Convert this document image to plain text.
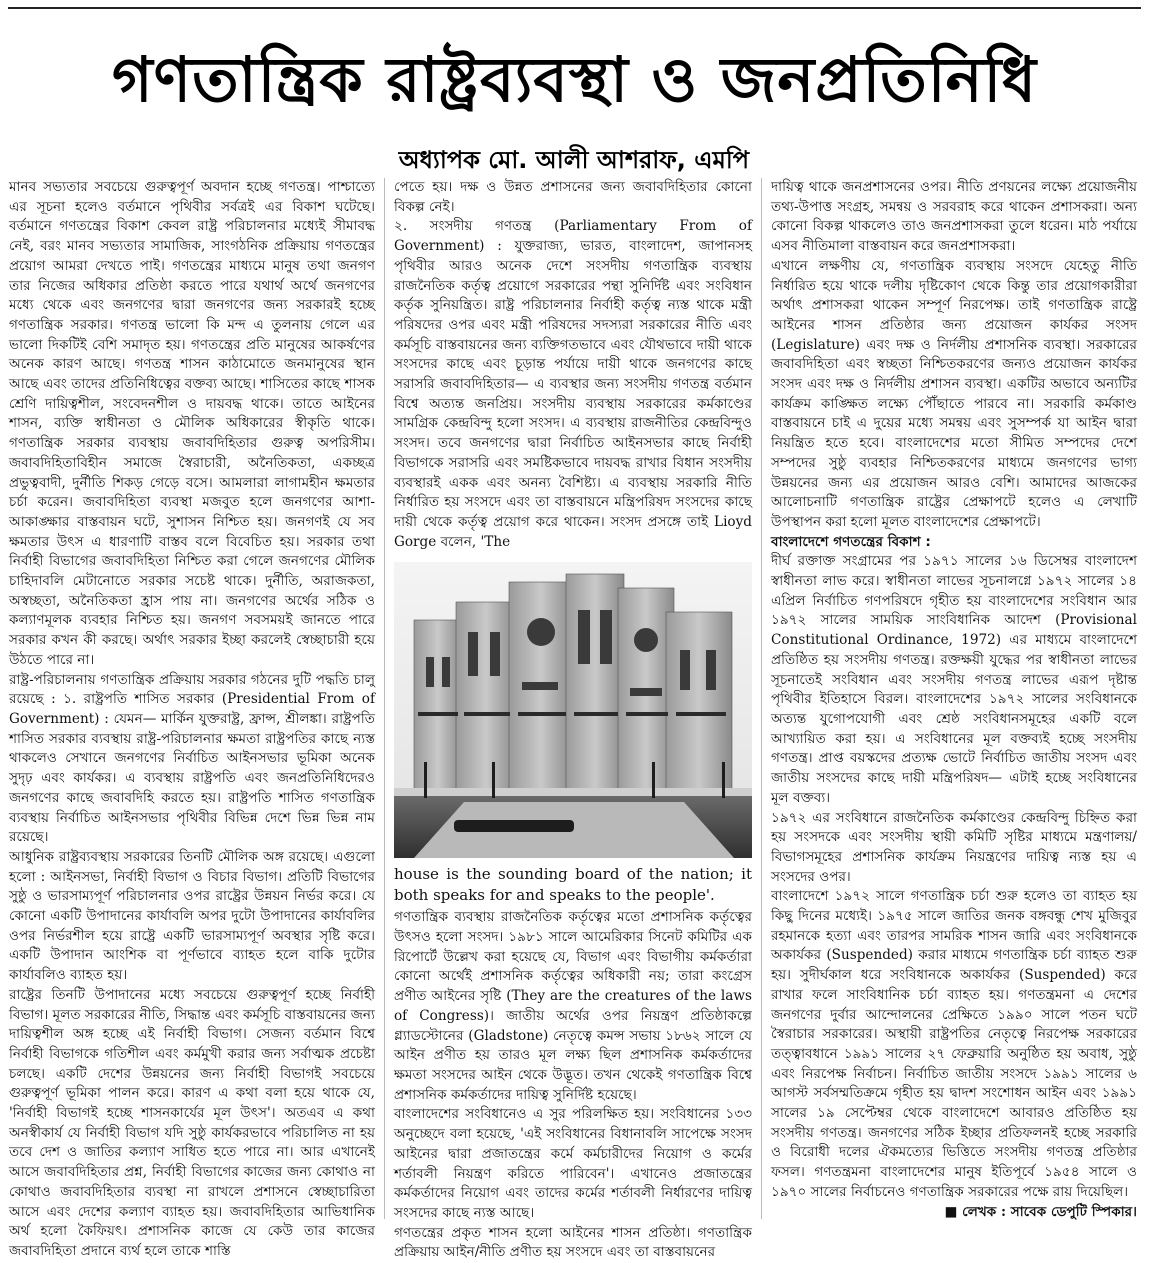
গণতান্ত্রিক রাষ্ট্রব্যবস্থা ও জনপ্রতিনিধি
অধ্যাপক মো. আলী আশরাফ, এমপি

মানব সভ্যতার সবচেয়ে গুরুত্বপূর্ণ অবদান হচ্ছে গণতন্ত্র। পাশ্চাত্যে এর সূচনা হলেও বর্তমানে পৃথিবীর সর্বত্রই এর বিকাশ ঘটেছে। বর্তমানে গণতন্ত্রের বিকাশ কেবল রাষ্ট্র পরিচালনার মধ্যেই সীমাবদ্ধ নেই, বরং মানব সভ্যতার সামাজিক, সাংগঠনিক প্রক্রিয়ায় গণতন্ত্রের প্রয়োগ আমরা দেখতে পাই। গণতন্ত্রের মাধ্যমে মানুষ তথা জনগণ তার নিজের অধিকার প্রতিষ্ঠা করতে পারে যথার্থ অর্থে জনগণের মধ্যে থেকে এবং জনগণের দ্বারা জনগণের জন্য সরকারই হচ্ছে গণতান্ত্রিক সরকার। গণতন্ত্র ভালো কি মন্দ এ তুলনায় গেলে এর ভালো দিকটিই বেশি সমাদৃত হয়। গণতন্ত্রের প্রতি মানুষের আকর্ষণের অনেক কারণ আছে। গণতন্ত্র শাসন কাঠামোতে জনমানুষের স্থান আছে এবং তাদের প্রতিনিধিত্বের বক্তব্য আছে। শাসিতের কাছে শাসক শ্রেণি দায়িত্বশীল, সংবেদনশীল ও দায়বদ্ধ থাকে। তাতে আইনের শাসন, ব্যক্তি স্বাধীনতা ও মৌলিক অধিকারের স্বীকৃতি থাকে। গণতান্ত্রিক সরকার ব্যবস্থায় জবাবদিহিতার গুরুত্ব অপরিসীম। জবাবদিহিতাবিহীন সমাজে স্বৈরাচারী, অনৈতিকতা, একচ্ছত্র প্রভুত্ববাদী, দুর্নীতি শিকড় গেড়ে বসে। আমলারা লাগামহীন ক্ষমতার চর্চা করেন। জবাবদিহিতা ব্যবস্থা মজবুত হলে জনগণের আশা-আকাঙ্ক্ষার বাস্তবায়ন ঘটে, সুশাসন নিশ্চিত হয়। জনগণই যে সব ক্ষমতার উৎস এ ধারণাটি বাস্তব বলে বিবেচিত হয়। সরকার তথা নির্বাহী বিভাগের জবাবদিহিতা নিশ্চিত করা গেলে জনগণের মৌলিক চাহিদাবলি মেটানোতে সরকার সচেষ্ট থাকে। দুর্নীতি, অরাজকতা, অস্বচ্ছতা, অনৈতিকতা হ্রাস পায় না। জনগণের অর্থের সঠিক ও কল্যাণমূলক ব্যবহার নিশ্চিত হয়। জনগণ সবসময়ই জানতে পারে সরকার কখন কী করছে। অর্থাৎ সরকার ইচ্ছা করলেই স্বেচ্ছাচারী হয়ে উঠতে পারে না।

রাষ্ট্র-পরিচালনায় গণতান্ত্রিক প্রক্রিয়ায় সরকার গঠনের দুটি পদ্ধতি চালু রয়েছে : ১. রাষ্ট্রপতি শাসিত সরকার (Presidential From of Government) : যেমন— মার্কিন যুক্তরাষ্ট্র, ফ্রান্স, শ্রীলঙ্কা। রাষ্ট্রপতি শাসিত সরকার ব্যবস্থায় রাষ্ট্র-পরিচালনার ক্ষমতা রাষ্ট্রপতির কাছে ন্যস্ত থাকলেও সেখানে জনগণের নির্বাচিত আইনসভার ভূমিকা অনেক সুদৃঢ় এবং কার্যকর। এ ব্যবস্থায় রাষ্ট্রপতি এবং জনপ্রতিনিধিদেরও জনগণের কাছে জবাবদিহি করতে হয়। রাষ্ট্রপতি শাসিত গণতান্ত্রিক ব্যবস্থায় নির্বাচিত আইনসভার পৃথিবীর বিভিন্ন দেশে ভিন্ন ভিন্ন নাম রয়েছে।

আধুনিক রাষ্ট্রব্যবস্থায় সরকারের তিনটি মৌলিক অঙ্গ রয়েছে। এগুলো হলো : আইনসভা, নির্বাহী বিভাগ ও বিচার বিভাগ। প্রতিটি বিভাগের সুষ্ঠু ও ভারসাম্যপূর্ণ পরিচালনার ওপর রাষ্ট্রের উন্নয়ন নির্ভর করে। যে কোনো একটি উপাদানের কার্যাবলি অপর দুটো উপাদানের কার্যাবলির ওপর নির্ভরশীল হয়ে রাষ্ট্রে একটি ভারসাম্যপূর্ণ অবস্থার সৃষ্টি করে। একটি উপাদান আংশিক বা পূর্ণভাবে ব্যাহত হলে বাকি দুটোর কার্যাবলিও ব্যাহত হয়।

রাষ্ট্রের তিনটি উপাদানের মধ্যে সবচেয়ে গুরুত্বপূর্ণ হচ্ছে নির্বাহী বিভাগ। মূলত সরকারের নীতি, সিদ্ধান্ত এবং কর্মসূচি বাস্তবায়নের জন্য দায়িত্বশীল অঙ্গ হচ্ছে এই নির্বাহী বিভাগ। সেজন্য বর্তমান বিশ্বে নির্বাহী বিভাগকে গতিশীল এবং কর্মমুখী করার জন্য সর্বাত্মক প্রচেষ্টা চলছে। একটি দেশের উন্নয়নের জন্য নির্বাহী বিভাগই সবচেয়ে গুরুত্বপূর্ণ ভূমিকা পালন করে। কারণ এ কথা বলা হয়ে থাকে যে, 'নির্বাহী বিভাগই হচ্ছে শাসনকার্যের মূল উৎস'। অতএব এ কথা অনস্বীকার্য যে নির্বাহী বিভাগ যদি সুষ্ঠু কার্যকরভাবে পরিচালিত না হয় তবে দেশ ও জাতির কল্যাণ সাধিত হতে পারে না। আর এখানেই আসে জবাবদিহিতার প্রশ্ন, নির্বাহী বিভাগের কাজের জন্য কোথাও না কোথাও জবাবদিহিতার ব্যবস্থা না রাখলে প্রশাসনে স্বেচ্ছাচারিতা আসে এবং দেশের কল্যাণ ব্যাহত হয়। জবাবদিহিতার আভিধানিক অর্থ হলো কৈফিয়ৎ। প্রশাসনিক কাজে যে কেউ তার কাজের জবাবদিহিতা প্রদানে ব্যর্থ হলে তাকে শাস্তি

পেতে হয়। দক্ষ ও উন্নত প্রশাসনের জন্য জবাবদিহিতার কোনো বিকল্প নেই।

২. সংসদীয় গণতন্ত্র (Parliamentary From of Government) : যুক্তরাজ্য, ভারত, বাংলাদেশ, জাপানসহ পৃথিবীর আরও অনেক দেশে সংসদীয় গণতান্ত্রিক ব্যবস্থায় রাজনৈতিক কর্তৃত্ব প্রয়োগে সরকারের পন্থা সুনির্দিষ্ট এবং সংবিধান কর্তৃক সুনিয়ন্ত্রিত। রাষ্ট্র পরিচালনার নির্বাহী কর্তৃত্ব ন্যস্ত থাকে মন্ত্রী পরিষদের ওপর এবং মন্ত্রী পরিষদের সদস্যরা সরকারের নীতি এবং কর্মসূচি বাস্তবায়নের জন্য ব্যক্তিগতভাবে এবং যৌথভাবে দায়ী থাকে সংসদের কাছে এবং চূড়ান্ত পর্যায়ে দায়ী থাকে জনগণের কাছে সরাসরি জবাবদিহিতার— এ ব্যবস্থার জন্য সংসদীয় গণতন্ত্র বর্তমান বিশ্বে অত্যন্ত জনপ্রিয়। সংসদীয় ব্যবস্থায় সরকারের কর্মকাণ্ডের সামগ্রিক কেন্দ্রবিন্দু হলো সংসদ। এ ব্যবস্থায় রাজনীতির কেন্দ্রবিন্দুও সংসদ। তবে জনগণের দ্বারা নির্বাচিত আইনসভার কাছে নির্বাহী বিভাগকে সরাসরি এবং সমষ্টিকভাবে দায়বদ্ধ রাখার বিধান সংসদীয় ব্যবস্থারই একক এবং অনন্য বৈশিষ্ট্য। এ ব্যবস্থায় সরকারি নীতি নির্ধারিত হয় সংসদে এবং তা বাস্তবায়নে মন্ত্রিপরিষদ সংসদের কাছে দায়ী থেকে কর্তৃত্ব প্রয়োগ করে থাকেন। সংসদ প্রসঙ্গে তাই Lioyd Gorge বলেন, 'The

house is the sounding board of the nation; it both speaks for and speaks to the people'.

গণতান্ত্রিক ব্যবস্থায় রাজনৈতিক কর্তৃত্বের মতো প্রশাসনিক কর্তৃত্বের উৎসও হলো সংসদ। ১৯৮১ সালে আমেরিকার সিনেট কমিটির এক রিপোর্টে উল্লেখ করা হয়েছে যে, বিভাগ এবং বিভাগীয় কর্মকর্তারা কোনো অর্থেই প্রশাসনিক কর্তৃত্বের অধিকারী নয়; তারা কংগ্রেস প্রণীত আইনের সৃষ্টি (They are the creatures of the laws of Congress)। জাতীয় অর্থের ওপর নিয়ন্ত্রণ প্রতিষ্ঠাকল্পে গ্ল্যাডস্টোনের (Gladstone) নেতৃত্বে কমন্স সভায় ১৮৬২ সালে যে আইন প্রণীত হয় তারও মূল লক্ষ্য ছিল প্রশাসনিক কর্মকর্তাদের ক্ষমতা সংসদের আইন থেকে উদ্ভূত। তখন থেকেই গণতান্ত্রিক বিশ্বে প্রশাসনিক কর্মকর্তাদের দায়িত্ব সুনির্দিষ্ট হয়েছে।

বাংলাদেশের সংবিধানেও এ সুর পরিলক্ষিত হয়। সংবিধানের ১৩৩ অনুচ্ছেদে বলা হয়েছে, 'এই সংবিধানের বিধানাবলি সাপেক্ষে সংসদ আইনের দ্বারা প্রজাতন্ত্রের কর্মে কর্মচারীদের নিয়োগ ও কর্মের শর্তাবলী নিয়ন্ত্রণ করিতে পারিবেন'। এখানেও প্রজাতন্ত্রের কর্মকর্তাদের নিয়োগ এবং তাদের কর্মের শর্তাবলী নির্ধারণের দায়িত্ব সংসদের কাছে ন্যস্ত আছে।

গণতন্ত্রের প্রকৃত শাসন হলো আইনের শাসন প্রতিষ্ঠা। গণতান্ত্রিক প্রক্রিয়ায় আইন/নীতি প্রণীত হয় সংসদে এবং তা বাস্তবায়নের

দায়িত্ব থাকে জনপ্রশাসনের ওপর। নীতি প্রণয়নের লক্ষ্যে প্রয়োজনীয় তথ্য-উপাত্ত সংগ্রহ, সমন্বয় ও সরবরাহ করে থাকেন প্রশাসকরা। অন্য কোনো বিকল্প থাকলেও তাও জনপ্রশাসকরা তুলে ধরেন। মাঠ পর্যায়ে এসব নীতিমালা বাস্তবায়ন করে জনপ্রশাসকরা।

এখানে লক্ষণীয় যে, গণতান্ত্রিক ব্যবস্থায় সংসদে যেহেতু নীতি নির্ধারিত হয়ে থাকে দলীয় দৃষ্টিকোণ থেকে কিন্তু তার প্রয়োগকারীরা অর্থাৎ প্রশাসকরা থাকেন সম্পূর্ণ নিরপেক্ষ। তাই গণতান্ত্রিক রাষ্ট্রে আইনের শাসন প্রতিষ্ঠার জন্য প্রয়োজন কার্যকর সংসদ (Legislature) এবং দক্ষ ও নির্দলীয় প্রশাসনিক ব্যবস্থা। সরকারের জবাবদিহিতা এবং স্বচ্ছতা নিশ্চিতকরণের জন্যও প্রয়োজন কার্যকর সংসদ এবং দক্ষ ও নির্দলীয় প্রশাসন ব্যবস্থা। একটির অভাবে অন্যটির কার্যক্রম কাঙ্ক্ষিত লক্ষ্যে পৌঁছাতে পারবে না। সরকারি কর্মকাণ্ড বাস্তবায়নে চাই এ দুয়ের মধ্যে সমন্বয় এবং সুসম্পর্ক যা আইন দ্বারা নিয়ন্ত্রিত হতে হবে। বাংলাদেশের মতো সীমিত সম্পদের দেশে সম্পদের সুষ্ঠু ব্যবহার নিশ্চিতকরণের মাধ্যমে জনগণের ভাগ্য উন্নয়নের জন্য এর প্রয়োজন আরও বেশি। আমাদের আজকের আলোচনাটি গণতান্ত্রিক রাষ্ট্রের প্রেক্ষাপটে হলেও এ লেখাটি উপস্থাপন করা হলো মূলত বাংলাদেশের প্রেক্ষাপটে।

বাংলাদেশে গণতন্ত্রের বিকাশ :

দীর্ঘ রক্তাক্ত সংগ্রামের পর ১৯৭১ সালের ১৬ ডিসেম্বর বাংলাদেশ স্বাধীনতা লাভ করে। স্বাধীনতা লাভের সূচনালগ্নে ১৯৭২ সালের ১৪ এপ্রিল নির্বাচিত গণপরিষদে গৃহীত হয় বাংলাদেশের সংবিধান আর ১৯৭২ সালের সাময়িক সাংবিধানিক আদেশ (Provisional Constitutional Ordinance, 1972) এর মাধ্যমে বাংলাদেশে প্রতিষ্ঠিত হয় সংসদীয় গণতন্ত্র। রক্তক্ষয়ী যুদ্ধের পর স্বাধীনতা লাভের সূচনাতেই সংবিধান এবং সংসদীয় গণতন্ত্র লাভের এরূপ দৃষ্টান্ত পৃথিবীর ইতিহাসে বিরল। বাংলাদেশের ১৯৭২ সালের সংবিধানকে অত্যন্ত যুগোপযোগী এবং শ্রেষ্ঠ সংবিধানসমূহের একটি বলে আখ্যায়িত করা হয়। এ সংবিধানের মূল বক্তব্যই হচ্ছে সংসদীয় গণতন্ত্র। প্রাপ্ত বয়স্কদের প্রত্যক্ষ ভোটে নির্বাচিত জাতীয় সংসদ এবং জাতীয় সংসদের কাছে দায়ী মন্ত্রিপরিষদ— এটাই হচ্ছে সংবিধানের মূল বক্তব্য।

১৯৭২ এর সংবিধানে রাজনৈতিক কর্মকাণ্ডের কেন্দ্রবিন্দু চিহ্নিত করা হয় সংসদকে এবং সংসদীয় স্থায়ী কমিটি সৃষ্টির মাধ্যমে মন্ত্রণালয়/বিভাগসমূহের প্রশাসনিক কার্যক্রম নিয়ন্ত্রণের দায়িত্ব ন্যস্ত হয় এ সংসদের ওপর।

বাংলাদেশে ১৯৭২ সালে গণতান্ত্রিক চর্চা শুরু হলেও তা ব্যাহত হয় কিছু দিনের মধ্যেই। ১৯৭৫ সালে জাতির জনক বঙ্গবন্ধু শেখ মুজিবুর রহমানকে হত্যা এবং তারপর সামরিক শাসন জারি এবং সংবিধানকে অকার্যকর (Suspended) করার মাধ্যমে গণতান্ত্রিক চর্চা ব্যাহত শুরু হয়। সুদীর্ঘকাল ধরে সংবিধানকে অকার্যকর (Suspended) করে রাখার ফলে সাংবিধানিক চর্চা ব্যাহত হয়। গণতন্ত্রমনা এ দেশের জনগণের দুর্বার আন্দোলনের প্রেক্ষিতে ১৯৯০ সালে পতন ঘটে স্বৈরাচার সরকারের। অস্থায়ী রাষ্ট্রপতির নেতৃত্বে নিরপেক্ষ সরকারের তত্ত্বাবধানে ১৯৯১ সালের ২৭ ফেব্রুয়ারি অনুষ্ঠিত হয় অবাধ, সুষ্ঠু এবং নিরপেক্ষ নির্বাচন। নির্বাচিত জাতীয় সংসদে ১৯৯১ সালের ৬ আগস্ট সর্বসম্মতিক্রমে গৃহীত হয় দ্বাদশ সংশোধন আইন এবং ১৯৯১ সালের ১৯ সেপ্টেম্বর থেকে বাংলাদেশে আবারও প্রতিষ্ঠিত হয় সংসদীয় গণতন্ত্র। জনগণের সঠিক ইচ্ছার প্রতিফলনই হচ্ছে সরকারি ও বিরোধী দলের ঐকমত্যের ভিত্তিতে সংসদীয় গণতন্ত্র প্রতিষ্ঠার ফসল। গণতন্ত্রমনা বাংলাদেশের মানুষ ইতিপূর্বে ১৯৫৪ সালে ও ১৯৭০ সালের নির্বাচনেও গণতান্ত্রিক সরকারের পক্ষে রায় দিয়েছিল।

■ লেখক : সাবেক ডেপুটি স্পিকার।
